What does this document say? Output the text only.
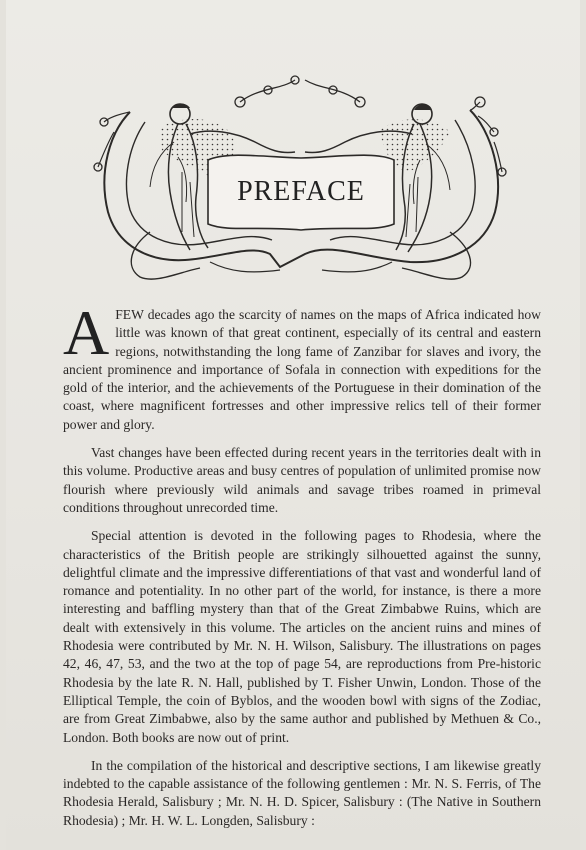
PREFACE

AFEW decades ago the scarcity of names on the maps of Africa indicated how little was known of that great continent, especially of its central and eastern regions, notwithstanding the long fame of Zanzibar for slaves and ivory, the ancient prominence and importance of Sofala in connection with expeditions for the gold of the interior, and the achievements of the Portuguese in their domination of the coast, where magnificent fortresses and other impressive relics tell of their former power and glory.

Vast changes have been effected during recent years in the territories dealt with in this volume. Productive areas and busy centres of population of unlimited promise now flourish where previously wild animals and savage tribes roamed in primeval conditions throughout unrecorded time.

Special attention is devoted in the following pages to Rhodesia, where the characteristics of the British people are strikingly silhouetted against the sunny, delightful climate and the impressive differentiations of that vast and wonderful land of romance and potentiality. In no other part of the world, for instance, is there a more interesting and baffling mystery than that of the Great Zimbabwe Ruins, which are dealt with extensively in this volume. The articles on the ancient ruins and mines of Rhodesia were contributed by Mr. N. H. Wilson, Salisbury. The illustrations on pages 42, 46, 47, 53, and the two at the top of page 54, are reproductions from Pre-historic Rhodesia by the late R. N. Hall, published by T. Fisher Unwin, London. Those of the Elliptical Temple, the coin of Byblos, and the wooden bowl with signs of the Zodiac, are from Great Zimbabwe, also by the same author and published by Methuen & Co., London. Both books are now out of print.

In the compilation of the historical and descriptive sections, I am likewise greatly indebted to the capable assistance of the following gentlemen : Mr. N. S. Ferris, of The Rhodesia Herald, Salisbury ; Mr. N. H. D. Spicer, Salisbury : (The Native in Southern Rhodesia) ; Mr. H. W. L. Longden, Salisbury :
